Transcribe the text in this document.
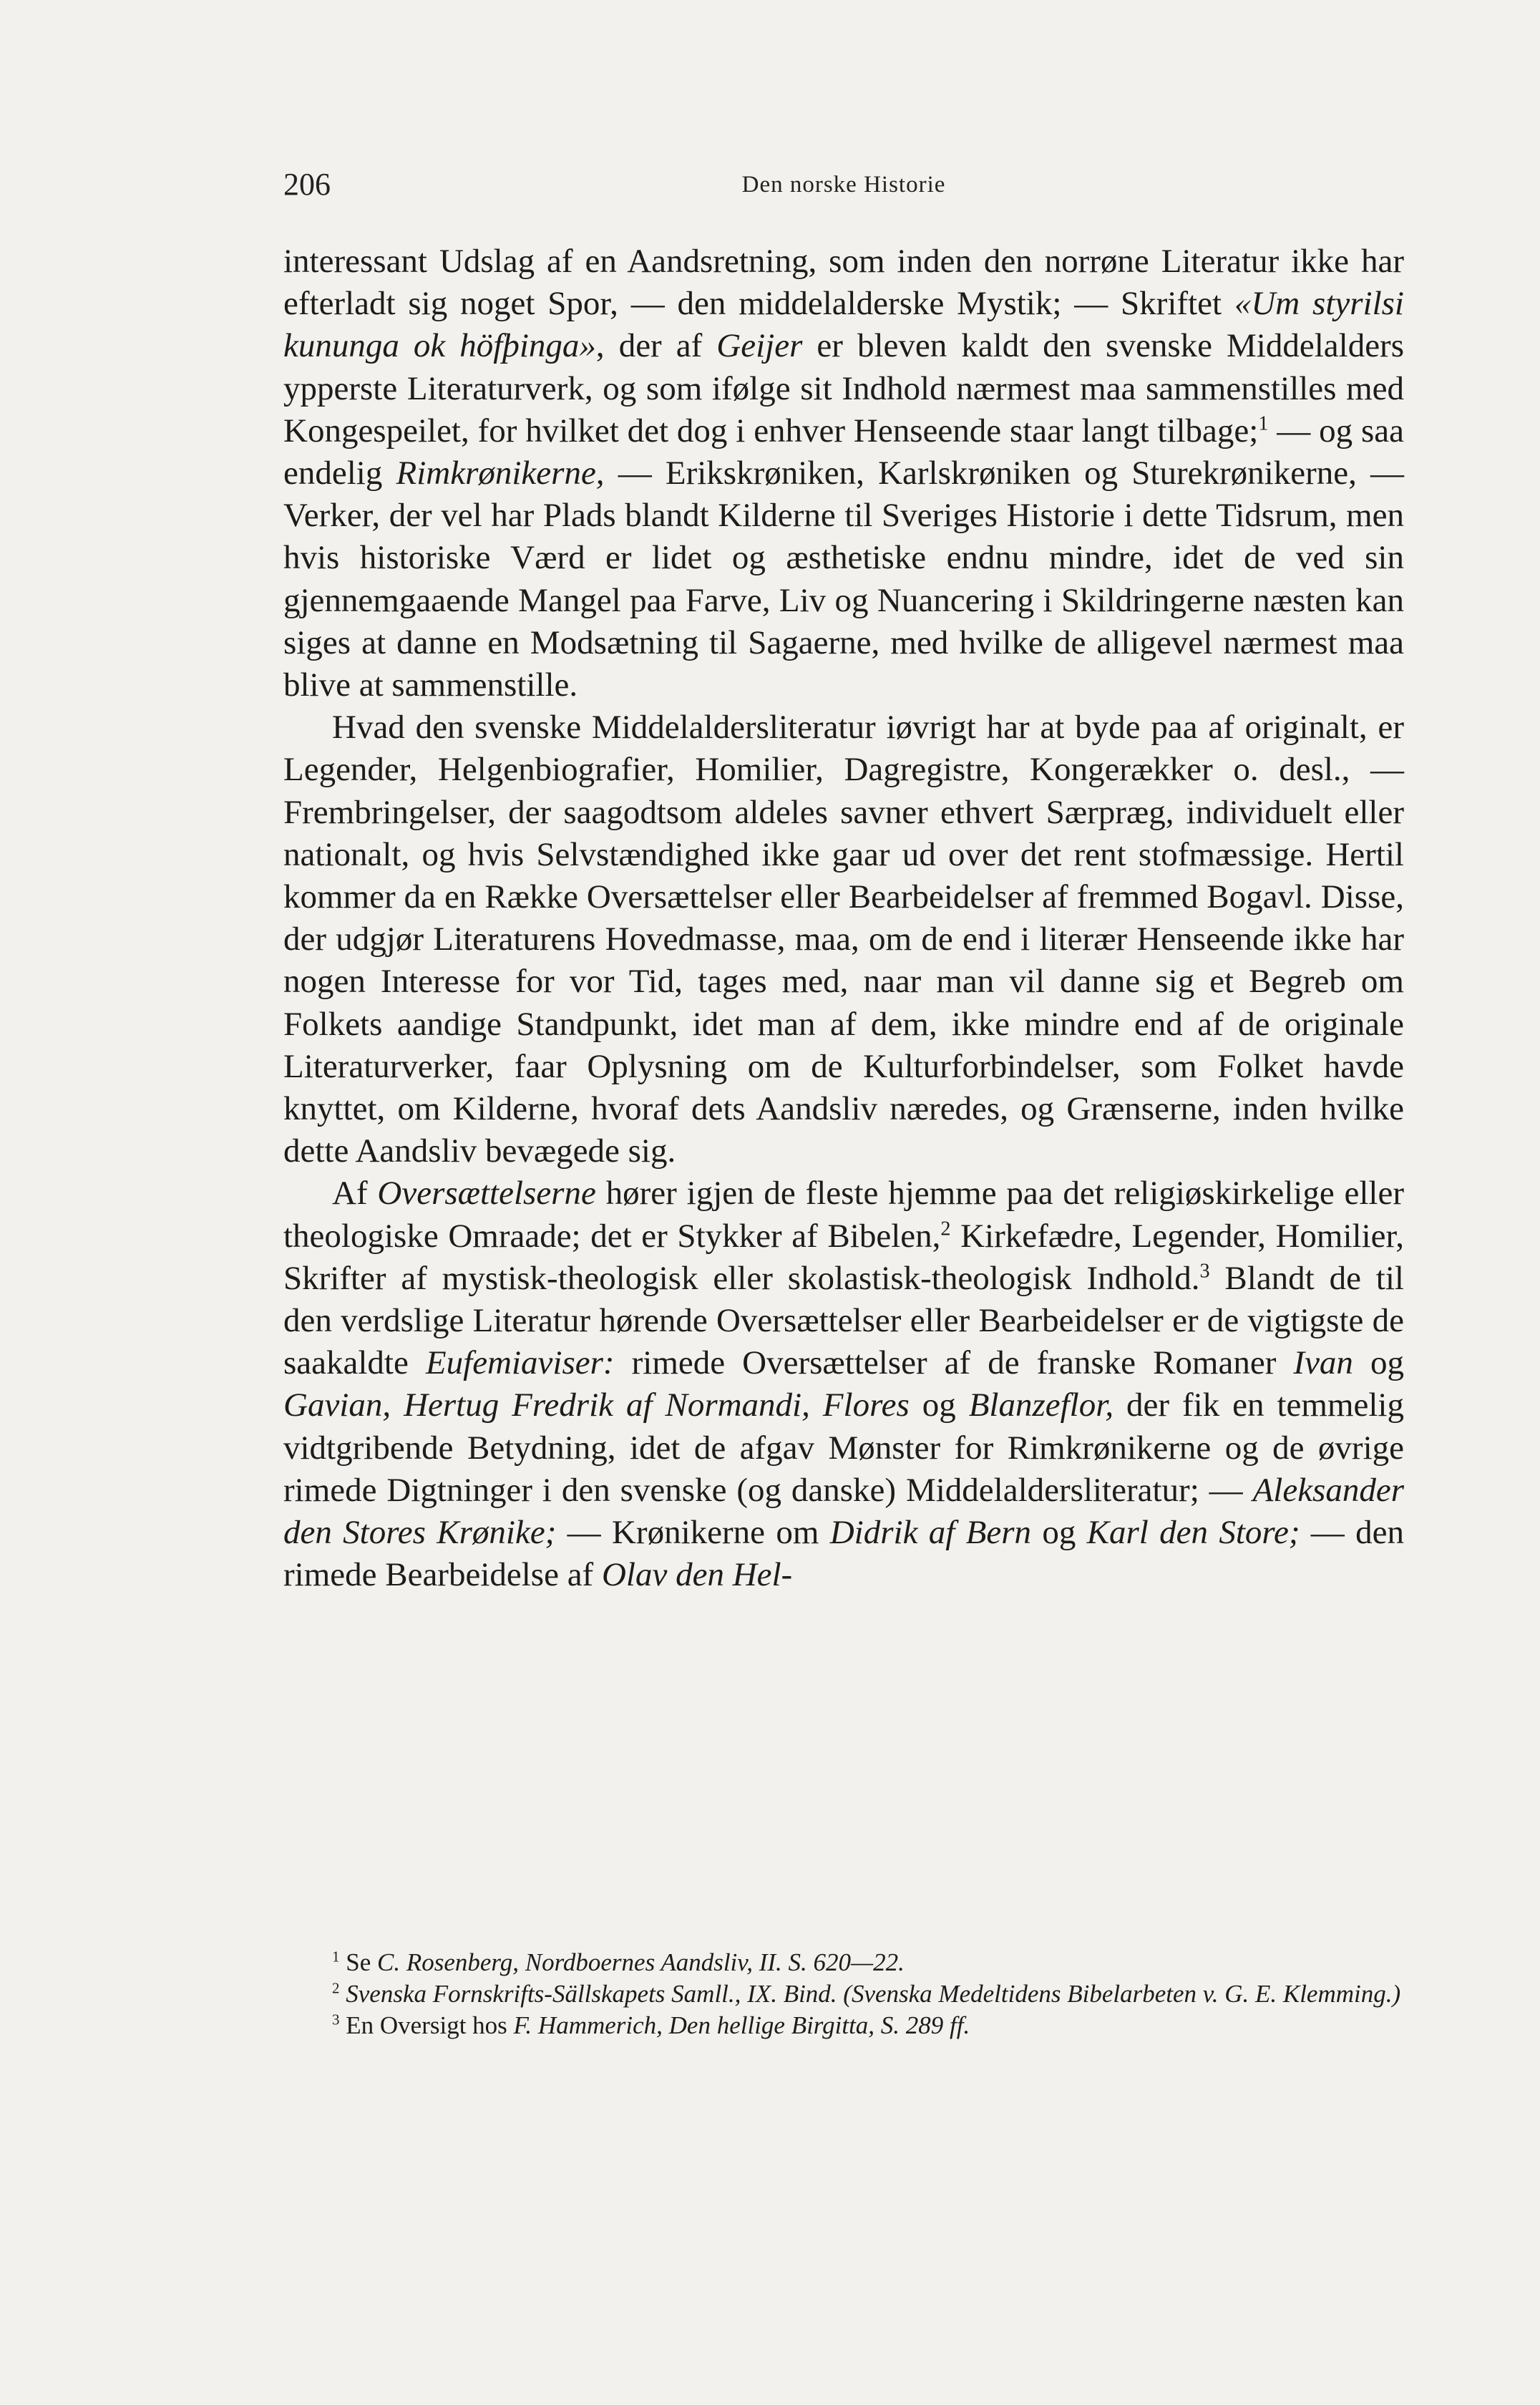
206	Den norske Historie

interessant Udslag af en Aandsretning, som inden den norrøne Literatur ikke har efterladt sig noget Spor, — den middelalderske Mystik; — Skriftet «Um styrilsi kununga ok höfþinga», der af Geijer er bleven kaldt den svenske Middelalders ypperste Literaturverk, og som ifølge sit Indhold nærmest maa sammenstilles med Kongespeilet, for hvilket det dog i enhver Henseende staar langt tilbage;$^1$ — og saa endelig Rimkrønikerne, — Erikskrøniken, Karlskrøniken og Sturekrønikerne, — Verker, der vel har Plads blandt Kilderne til Sveriges Historie i dette Tidsrum, men hvis historiske Værd er lidet og æsthetiske endnu mindre, idet de ved sin gjennemgaaende Mangel paa Farve, Liv og Nuancering i Skildringerne næsten kan siges at danne en Modsætning til Sagaerne, med hvilke de alligevel nærmest maa blive at sammenstille.

Hvad den svenske Middelaldersliteratur iøvrigt har at byde paa af originalt, er Legender, Helgenbiografier, Homilier, Dagregistre, Kongerækker o. desl., — Frembringelser, der saagodtsom aldeles savner ethvert Særpræg, individuelt eller nationalt, og hvis Selvstændighed ikke gaar ud over det rent stofmæssige. Hertil kommer da en Række Oversættelser eller Bearbeidelser af fremmed Bogavl. Disse, der udgjør Literaturens Hovedmasse, maa, om de end i literær Henseende ikke har nogen Interesse for vor Tid, tages med, naar man vil danne sig et Begreb om Folkets aandige Standpunkt, idet man af dem, ikke mindre end af de originale Literaturverker, faar Oplysning om de Kulturforbindelser, som Folket havde knyttet, om Kilderne, hvoraf dets Aandsliv næredes, og Grænserne, inden hvilke dette Aandsliv bevægede sig.

Af Oversættelserne hører igjen de fleste hjemme paa det religiøskirkelige eller theologiske Omraade; det er Stykker af Bibelen,$^2$ Kirkefædre, Legender, Homilier, Skrifter af mystisk-theologisk eller skolastisk-theologisk Indhold.$^3$ Blandt de til den verdslige Literatur hørende Oversættelser eller Bearbeidelser er de vigtigste de saakaldte Eufemiaviser: rimede Oversættelser af de franske Romaner Ivan og Gavian, Hertug Fredrik af Normandi, Flores og Blanzeflor, der fik en temmelig vidtgribende Betydning, idet de afgav Mønster for Rimkrønikerne og de øvrige rimede Digtninger i den svenske (og danske) Middelaldersliteratur; — Aleksander den Stores Krønike; — Krønikerne om Didrik af Bern og Karl den Store; — den rimede Bearbeidelse af Olav den Hel-

$^1$ Se C. Rosenberg, Nordboernes Aandsliv, II. S. 620—22.

$^2$ Svenska Fornskrifts-Sällskapets Samll., IX. Bind. (Svenska Medeltidens Bibelarbeten v. G. E. Klemming.)

$^3$ En Oversigt hos F. Hammerich, Den hellige Birgitta, S. 289 ff.
